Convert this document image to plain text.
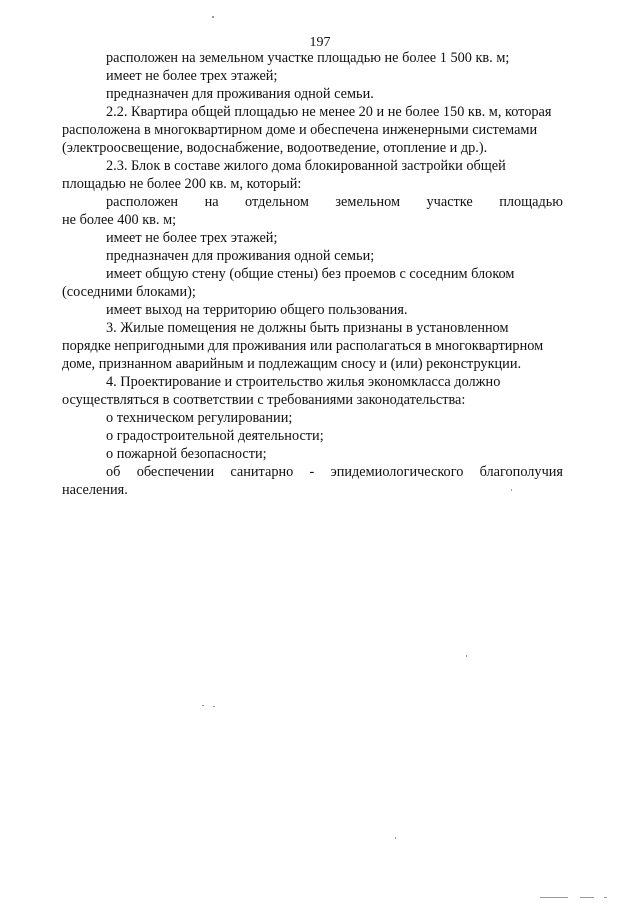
197
расположен на земельном участке площадью не более 1 500 кв. м;
имеет не более трех этажей;
предназначен для проживания одной семьи.
2.2. Квартира общей площадью не менее 20 и не более 150 кв. м, которая
расположена в многоквартирном доме и обеспечена инженерными системами
(электроосвещение, водоснабжение, водоотведение, отопление и др.).
2.3. Блок в составе жилого дома блокированной застройки общей
площадью не более 200 кв. м, который:
расположен на отдельном земельном участке площадью
не более 400 кв. м;
имеет не более трех этажей;
предназначен для проживания одной семьи;
имеет общую стену (общие стены) без проемов с соседним блоком
(соседними блоками);
имеет выход на территорию общего пользования.
3. Жилые помещения не должны быть признаны в установленном
порядке непригодными для проживания или располагаться в многоквартирном
доме, признанном аварийным и подлежащим сносу и (или) реконструкции.
4. Проектирование и строительство жилья экономкласса должно
осуществляться в соответствии с требованиями законодательства:
о техническом регулировании;
о градостроительной деятельности;
о пожарной безопасности;
об обеспечении санитарно - эпидемиологического благополучия
населения.
